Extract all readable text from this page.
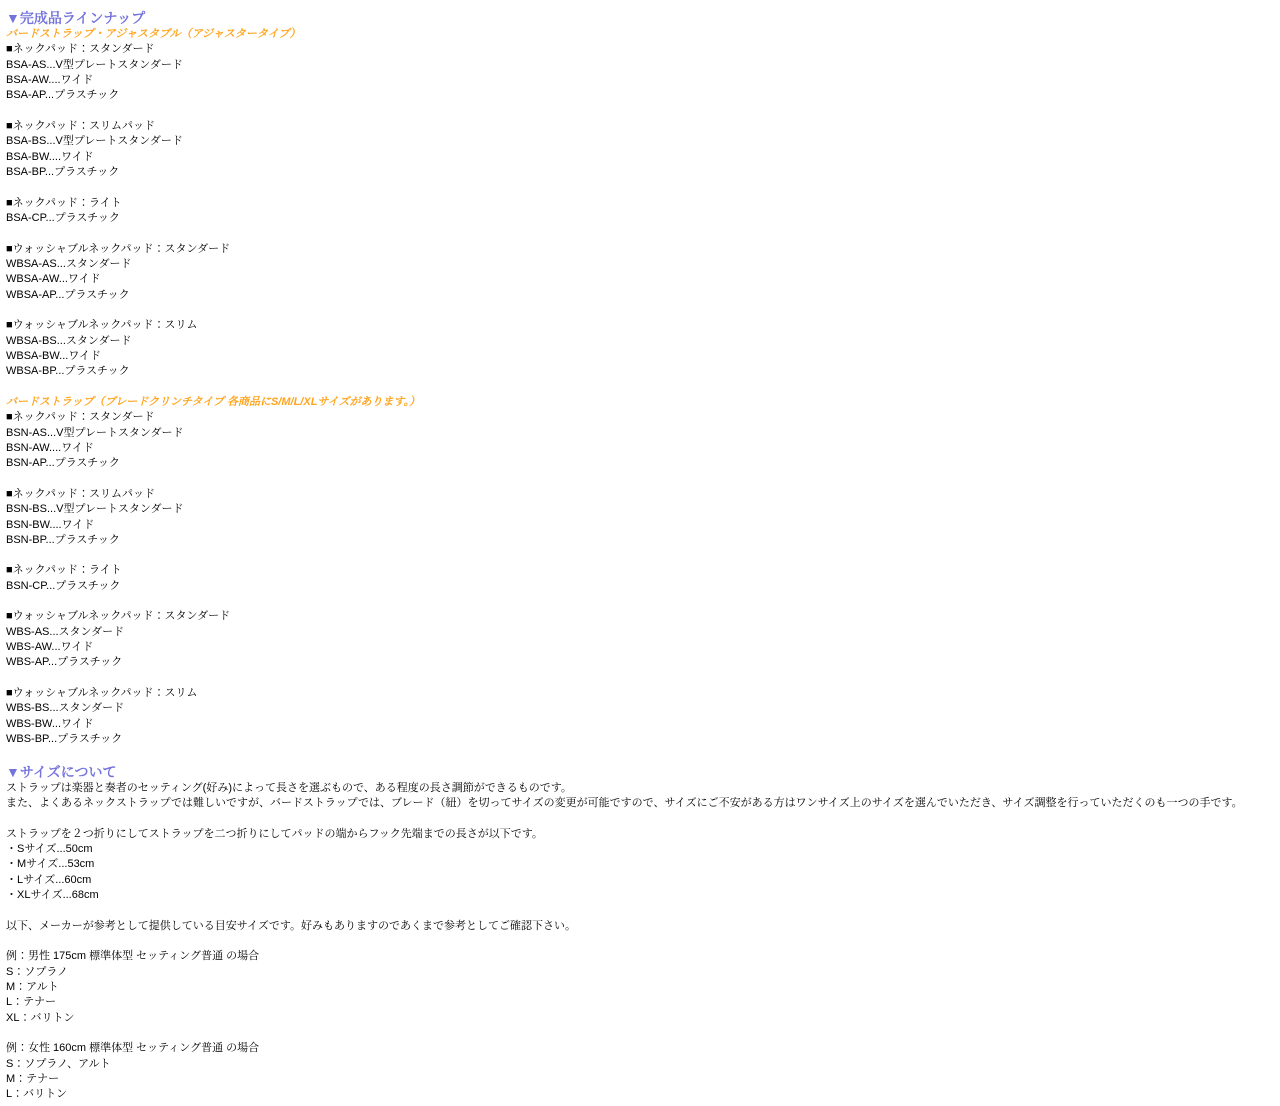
▼完成品ラインナップ
バードストラップ・アジャスタブル（アジャスタータイプ）
■ネックパッド：スタンダード
BSA-AS...V型プレートスタンダード
BSA-AW....ワイド
BSA-AP...プラスチック
■ネックパッド：スリムパッド
BSA-BS...V型プレートスタンダード
BSA-BW....ワイド
BSA-BP...プラスチック
■ネックパッド：ライト
BSA-CP...プラスチック
■ウォッシャブルネックパッド：スタンダード
WBSA-AS...スタンダード
WBSA-AW...ワイド
WBSA-AP...プラスチック
■ウォッシャブルネックパッド：スリム
WBSA-BS...スタンダード
WBSA-BW...ワイド
WBSA-BP...プラスチック
バードストラップ（ブレードクリンチタイプ 各商品にS/M/L/XLサイズがあります。）
■ネックパッド：スタンダード
BSN-AS...V型プレートスタンダード
BSN-AW....ワイド
BSN-AP...プラスチック
■ネックパッド：スリムパッド
BSN-BS...V型プレートスタンダード
BSN-BW....ワイド
BSN-BP...プラスチック
■ネックパッド：ライト
BSN-CP...プラスチック
■ウォッシャブルネックパッド：スタンダード
WBS-AS...スタンダード
WBS-AW...ワイド
WBS-AP...プラスチック
■ウォッシャブルネックパッド：スリム
WBS-BS...スタンダード
WBS-BW...ワイド
WBS-BP...プラスチック
▼サイズについて
ストラップは楽器と奏者のセッティング(好み)によって長さを選ぶもので、ある程度の長さ調節ができるものです。
また、よくあるネックストラップでは難しいですが、バードストラップでは、ブレード（紐）を切ってサイズの変更が可能ですので、サイズにご不安がある方はワンサイズ上のサイズを選んでいただき、サイズ調整を行っていただくのも一つの手です。
ストラップを２つ折りにしてストラップを二つ折りにしてパッドの端からフック先端までの長さが以下です。
・Sサイズ...50cm
・Mサイズ...53cm
・Lサイズ...60cm
・XLサイズ...68cm
以下、メーカーが参考として提供している目安サイズです。好みもありますのであくまで参考としてご確認下さい。
例：男性 175cm 標準体型 セッティング普通 の場合
S：ソプラノ
M：アルト
L：テナー
XL：バリトン
例：女性 160cm 標準体型 セッティング普通 の場合
S：ソプラノ、アルト
M：テナー
L：バリトン
